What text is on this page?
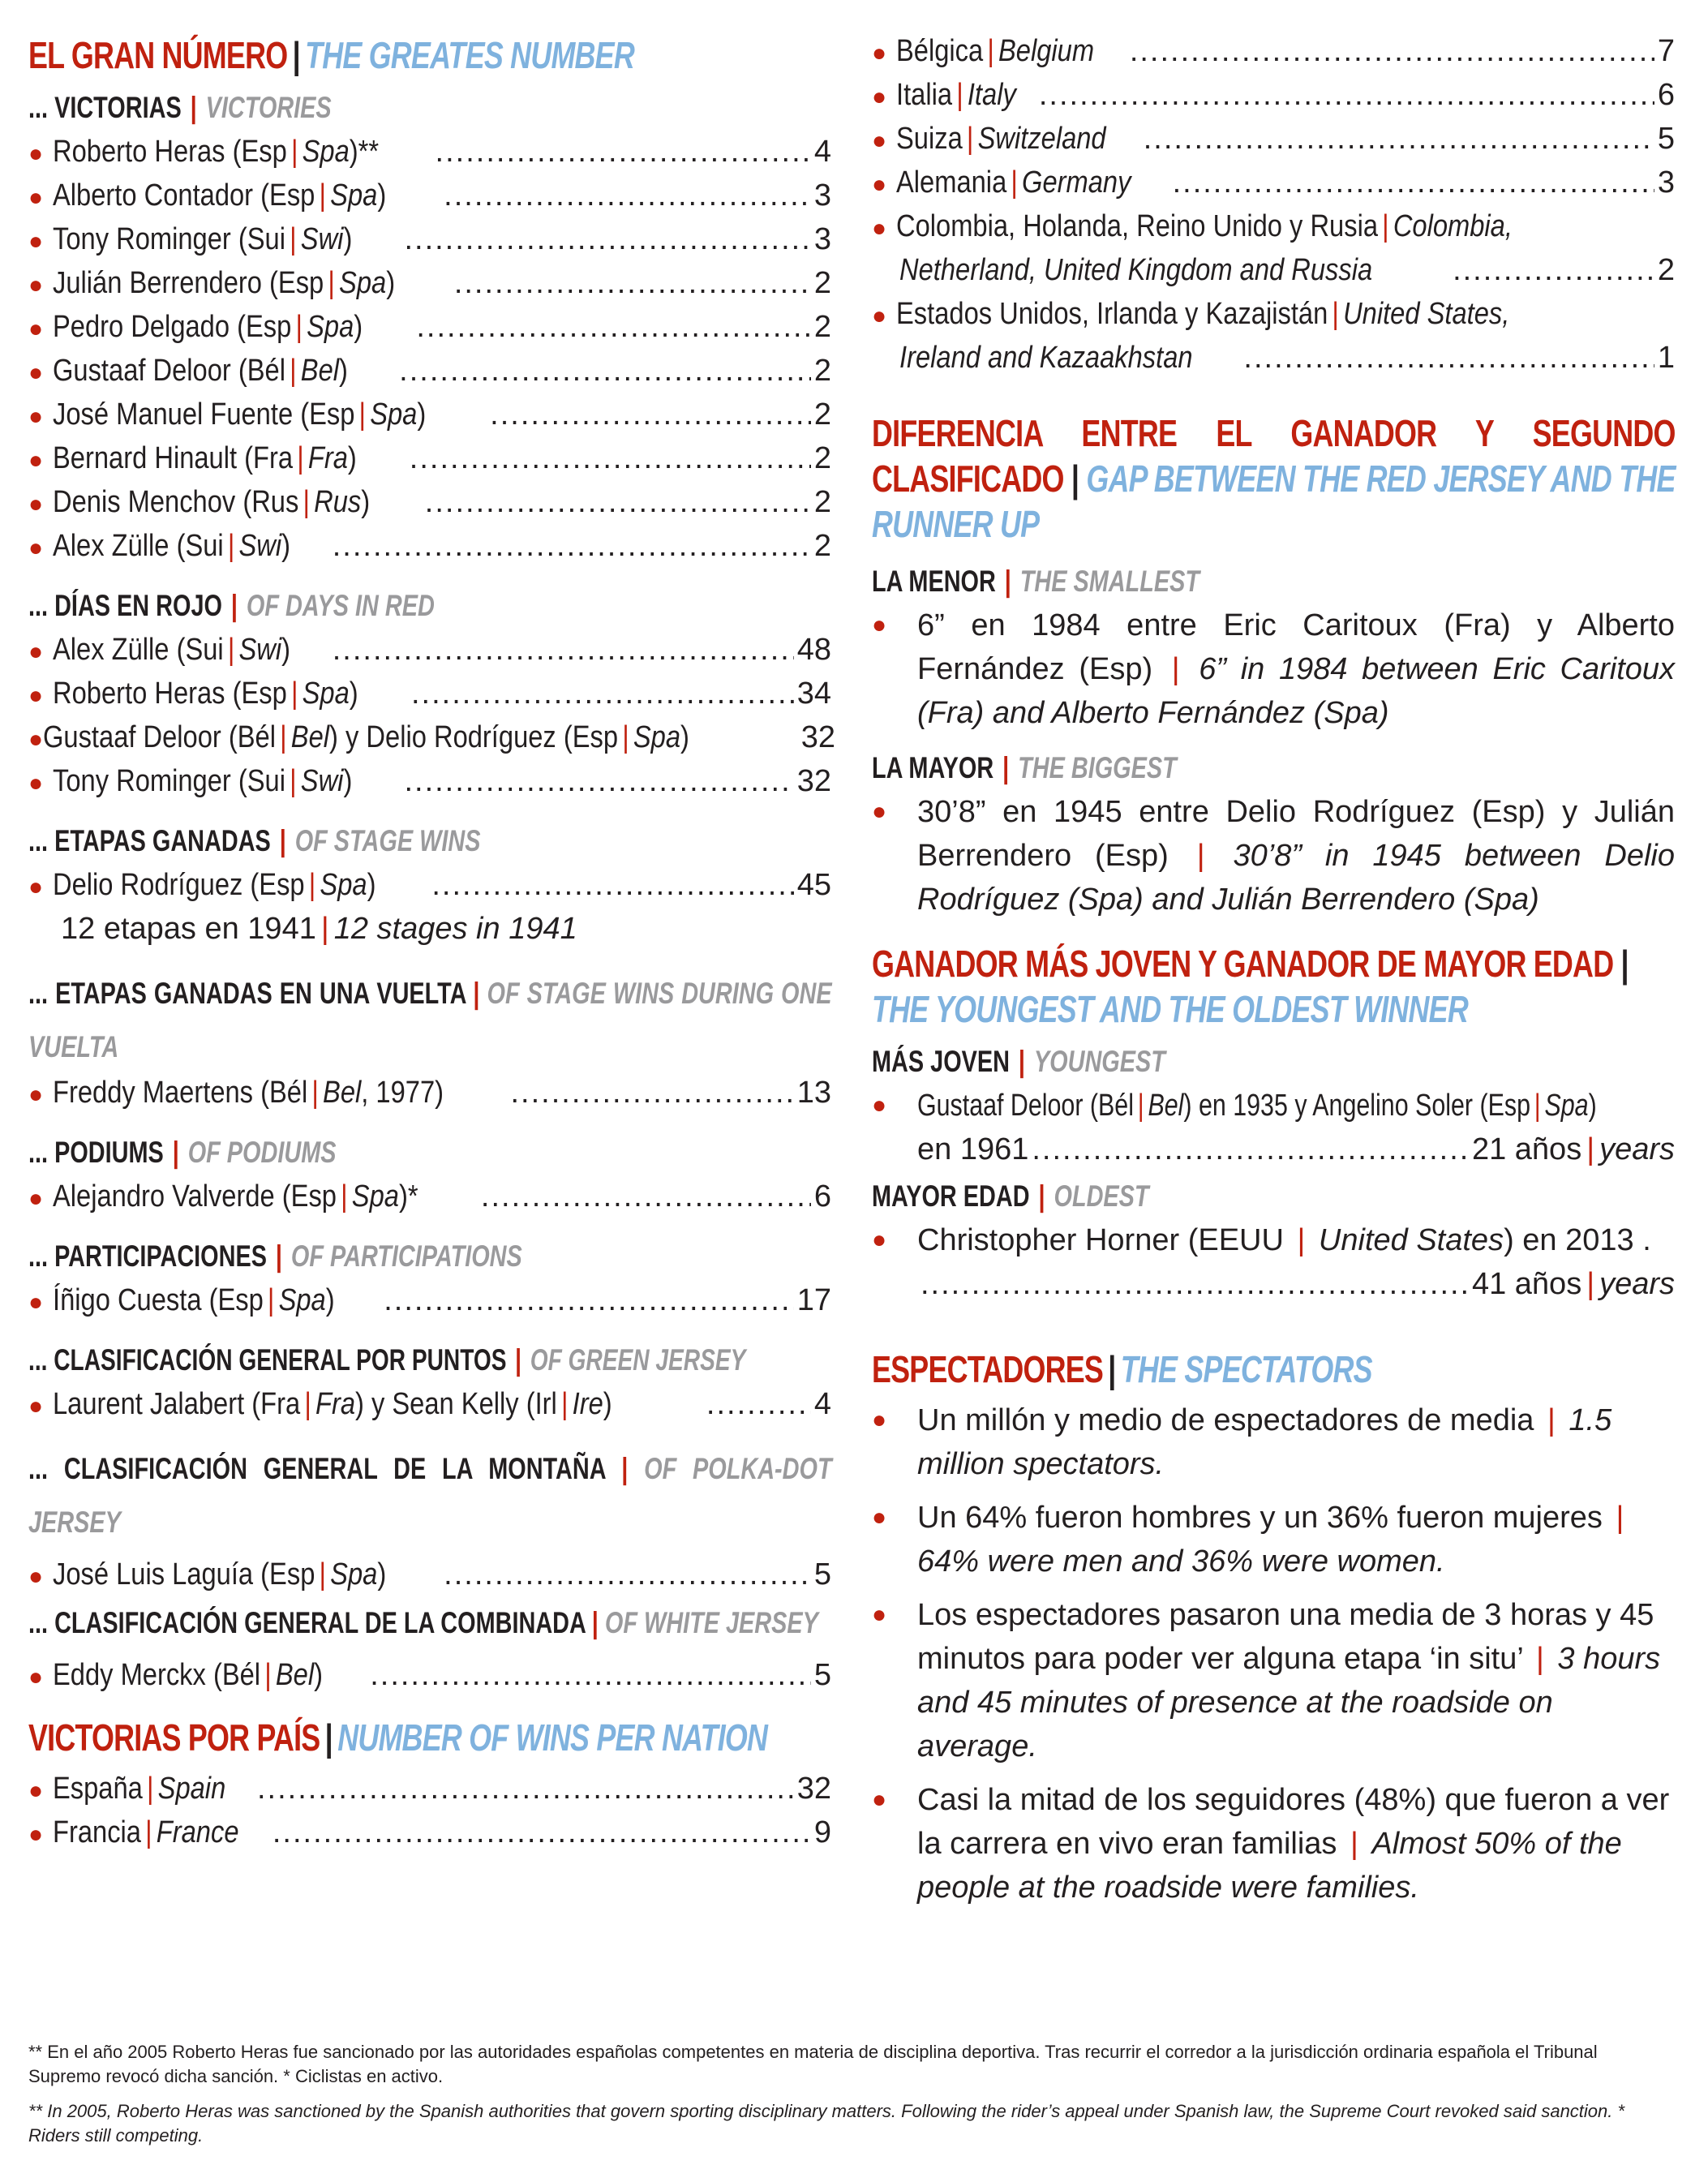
EL GRAN NÚMERO | THE GREATES NUMBER
... VICTORIAS | VICTORIES
● Roberto Heras (Esp | Spa)** .....	4
● Alberto Contador (Esp | Spa) .....	3
● Tony Rominger (Sui | Swi) .....	3
● Julián Berrendero (Esp | Spa) .....	2
● Pedro Delgado (Esp | Spa) .....	2
● Gustaaf Deloor (Bél | Bel) .....	2
● José Manuel Fuente (Esp | Spa) .....	2
● Bernard Hinault (Fra | Fra) .....	2
● Denis Menchov (Rus | Rus) .....	2
● Alex Zülle (Sui | Swi) .....	2
... DÍAS EN ROJO | OF DAYS IN RED
● Alex Zülle (Sui | Swi) .....	48
● Roberto Heras (Esp | Spa) .....	34
● Gustaaf Deloor (Bél | Bel) y Delio Rodríguez (Esp | Spa)	32
● Tony Rominger (Sui | Swi) .....	32
... ETAPAS GANADAS | OF STAGE WINS
● Delio Rodríguez (Esp | Spa) .....	45
12 etapas en 1941 | 12 stages in 1941
... ETAPAS GANADAS EN UNA VUELTA | OF STAGE WINS DURING ONE VUELTA
● Freddy Maertens (Bél | Bel, 1977) .....	13
... PODIUMS | OF PODIUMS
● Alejandro Valverde (Esp | Spa)* .....	6
... PARTICIPACIONES | OF PARTICIPATIONS
● Íñigo Cuesta (Esp | Spa) .....	17
... CLASIFICACIÓN GENERAL POR PUNTOS | OF GREEN JERSEY
● Laurent Jalabert (Fra | Fra) y Sean Kelly (Irl | Ire) .....	4
... CLASIFICACIÓN GENERAL DE LA MONTAÑA | OF POLKA-DOT JERSEY
● José Luis Laguía (Esp | Spa) .....	5
... CLASIFICACIÓN GENERAL DE LA COMBINADA | OF WHITE JERSEY
● Eddy Merckx (Bél | Bel) .....	5
VICTORIAS POR PAÍS | NUMBER OF WINS PER NATION
● España | Spain .....	32
● Francia | France .....	9
● Bélgica | Belgium .....	7
● Italia | Italy .....	6
● Suiza | Switzeland .....	5
● Alemania | Germany .....	3
● Colombia, Holanda, Reino Unido y Rusia | Colombia,
Netherland, United Kingdom and Russia .....	2
● Estados Unidos, Irlanda y Kazajistán | United States,
Ireland and Kazaakhstan .....	1
DIFERENCIA ENTRE EL GANADOR Y SEGUNDO CLASIFICADO | GAP BETWEEN THE RED JERSEY AND THE RUNNER UP
LA MENOR | THE SMALLEST
● 6” en 1984 entre Eric Caritoux (Fra) y Alberto Fernández (Esp) | 6” in 1984 between Eric Caritoux (Fra) and Alberto Fernández (Spa)
LA MAYOR | THE BIGGEST
● 30’8” en 1945 entre Delio Rodríguez (Esp) y Julián Berrendero (Esp) | 30’8” in 1945 between Delio Rodríguez (Spa) and Julián Berrendero (Spa)
GANADOR MÁS JOVEN Y GANADOR DE MAYOR EDAD |
THE YOUNGEST AND THE OLDEST WINNER
MÁS JOVEN | YOUNGEST
● Gustaaf Deloor (Bél | Bel) en 1935 y Angelino Soler (Esp | Spa)
en 1961 .....	21 años | years
MAYOR EDAD | OLDEST
● Christopher Horner (EEUU | United States) en 2013 .
.....
41 años | years
ESPECTADORES | THE SPECTATORS
● Un millón y medio de espectadores de media | 1.5 million spectators.
● Un 64% fueron hombres y un 36% fueron mujeres | 64% were men and 36% were women.
● Los espectadores pasaron una media de 3 horas y 45 minutos para poder ver alguna etapa ‘in situ’ | 3 hours and 45 minutes of presence at the roadside on average.
● Casi la mitad de los seguidores (48%) que fueron a ver la carrera en vivo eran familias | Almost 50% of the people at the roadside were families.
** En el año 2005 Roberto Heras fue sancionado por las autoridades españolas competentes en materia de disciplina deportiva. Tras recurrir el corredor a la jurisdicción ordinaria española el Tribunal Supremo revocó dicha sanción. * Ciclistas en activo.
** In 2005, Roberto Heras was sanctioned by the Spanish authorities that govern sporting disciplinary matters. Following the rider’s appeal under Spanish law, the Supreme Court revoked said sanction. * Riders still competing.
